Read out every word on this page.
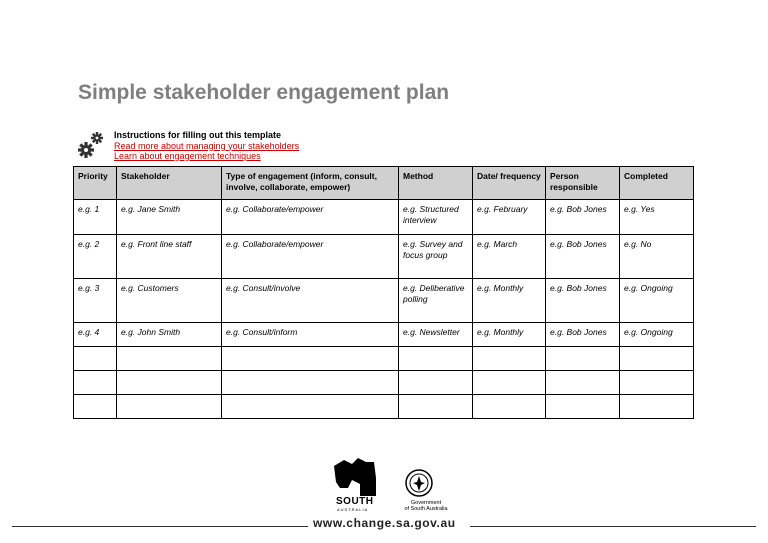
Simple stakeholder engagement plan
Instructions for filling out this template
Read more about managing your stakeholders
Learn about engagement techniques
Priority	Stakeholder	Type of engagement (inform, consult, involve, collaborate, empower)	Method	Date/ frequency	Person responsible	Completed
e.g. 1	e.g. Jane Smith	e.g. Collaborate/empower	e.g. Structured interview	e.g. February	e.g. Bob Jones	e.g. Yes
e.g. 2	e.g. Front line staff	e.g. Collaborate/empower	e.g. Survey and focus group	e.g. March	e.g. Bob Jones	e.g. No
e.g. 3	e.g. Customers	e.g. Consult/involve	e.g. Deliberative polling	e.g. Monthly	e.g. Bob Jones	e.g. Ongoing
e.g. 4	e.g. John Smith	e.g. Consult/inform	e.g. Newsletter	e.g. Monthly	e.g. Bob Jones	e.g. Ongoing

SOUTH
AUSTRALIA
Government
of South Australia
www.change.sa.gov.au
